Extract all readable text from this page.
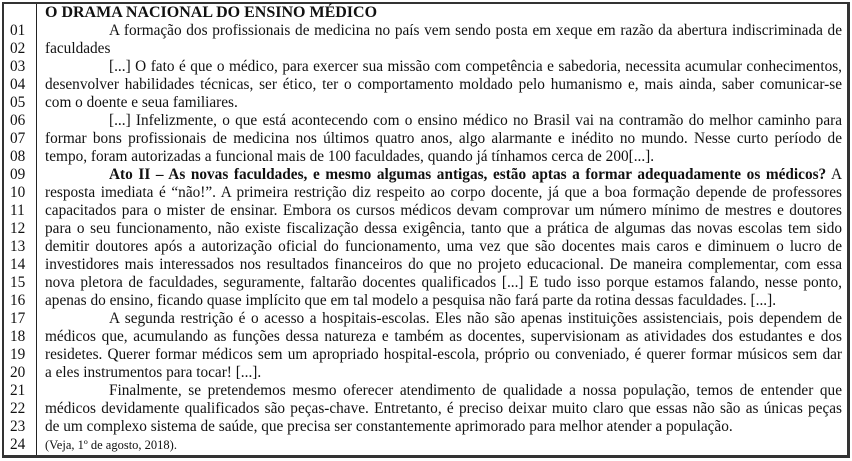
O DRAMA NACIONAL DO ENSINO MÉDICO
01	A formação dos profissionais de medicina no país vem sendo posta em xeque em razão da abertura indiscriminada de
02	faculdades
03	[...] O fato é que o médico, para exercer sua missão com competência e sabedoria, necessita acumular conhecimentos,
04	desenvolver habilidades técnicas, ser ético, ter o comportamento moldado pelo humanismo e, mais ainda, saber comunicar-se
05	com o doente e seua familiares.
06	[...] Infelizmente, o que está acontecendo com o ensino médico no Brasil vai na contramão do melhor caminho para
07	formar bons profissionais de medicina nos últimos quatro anos, algo alarmante e inédito no mundo. Nesse curto período de
08	tempo, foram autorizadas a funcional mais de 100 faculdades, quando já tínhamos cerca de 200[...].
09	Ato II – As novas faculdades, e mesmo algumas antigas, estão aptas a formar adequadamente os médicos? A
10	resposta imediata é “não!”. A primeira restrição diz respeito ao corpo docente, já que a boa formação depende de professores
11	capacitados para o mister de ensinar. Embora os cursos médicos devam comprovar um número mínimo de mestres e doutores
12	para o seu funcionamento, não existe fiscalização dessa exigência, tanto que a prática de algumas das novas escolas tem sido
13	demitir doutores após a autorização oficial do funcionamento, uma vez que são docentes mais caros e diminuem o lucro de
14	investidores mais interessados nos resultados financeiros do que no projeto educacional. De maneira complementar, com essa
15	nova pletora de faculdades, seguramente, faltarão docentes qualificados [...] E tudo isso porque estamos falando, nesse ponto,
16	apenas do ensino, ficando quase implícito que em tal modelo a pesquisa não fará parte da rotina dessas faculdades. [...].
17	A segunda restrição é o acesso a hospitais-escolas. Eles não são apenas instituições assistenciais, pois dependem de
18	médicos que, acumulando as funções dessa natureza e também as docentes, supervisionam as atividades dos estudantes e dos
19	residetes. Querer formar médicos sem um apropriado hospital-escola, próprio ou conveniado, é querer formar músicos sem dar
20	a eles instrumentos para tocar! [...].
21	Finalmente, se pretendemos mesmo oferecer atendimento de qualidade a nossa população, temos de entender que
22	médicos devidamente qualificados são peças-chave. Entretanto, é preciso deixar muito claro que essas não são as únicas peças
23	de um complexo sistema de saúde, que precisa ser constantemente aprimorado para melhor atender a população.
24	(Veja, 1º de agosto, 2018).
